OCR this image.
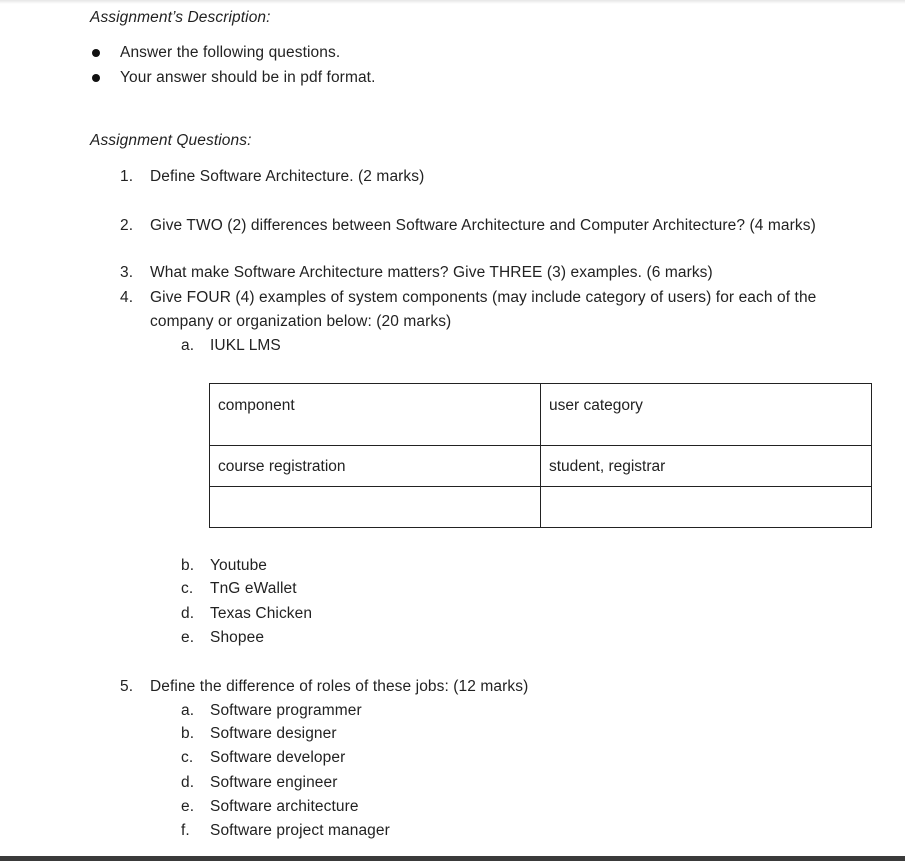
Assignment’s Description:
Answer the following questions.
Your answer should be in pdf format.
Assignment Questions:
1. Define Software Architecture. (2 marks)
2. Give TWO (2) differences between Software Architecture and Computer Architecture? (4 marks)
3. What make Software Architecture matters? Give THREE (3) examples. (6 marks)
4. Give FOUR (4) examples of system components (may include category of users) for each of the
company or organization below: (20 marks)
a. IUKL LMS
component	user category
course registration	student, registrar

b. Youtube
c. TnG eWallet
d. Texas Chicken
e. Shopee
5. Define the difference of roles of these jobs: (12 marks)
a. Software programmer
b. Software designer
c. Software developer
d. Software engineer
e. Software architecture
f. Software project manager
